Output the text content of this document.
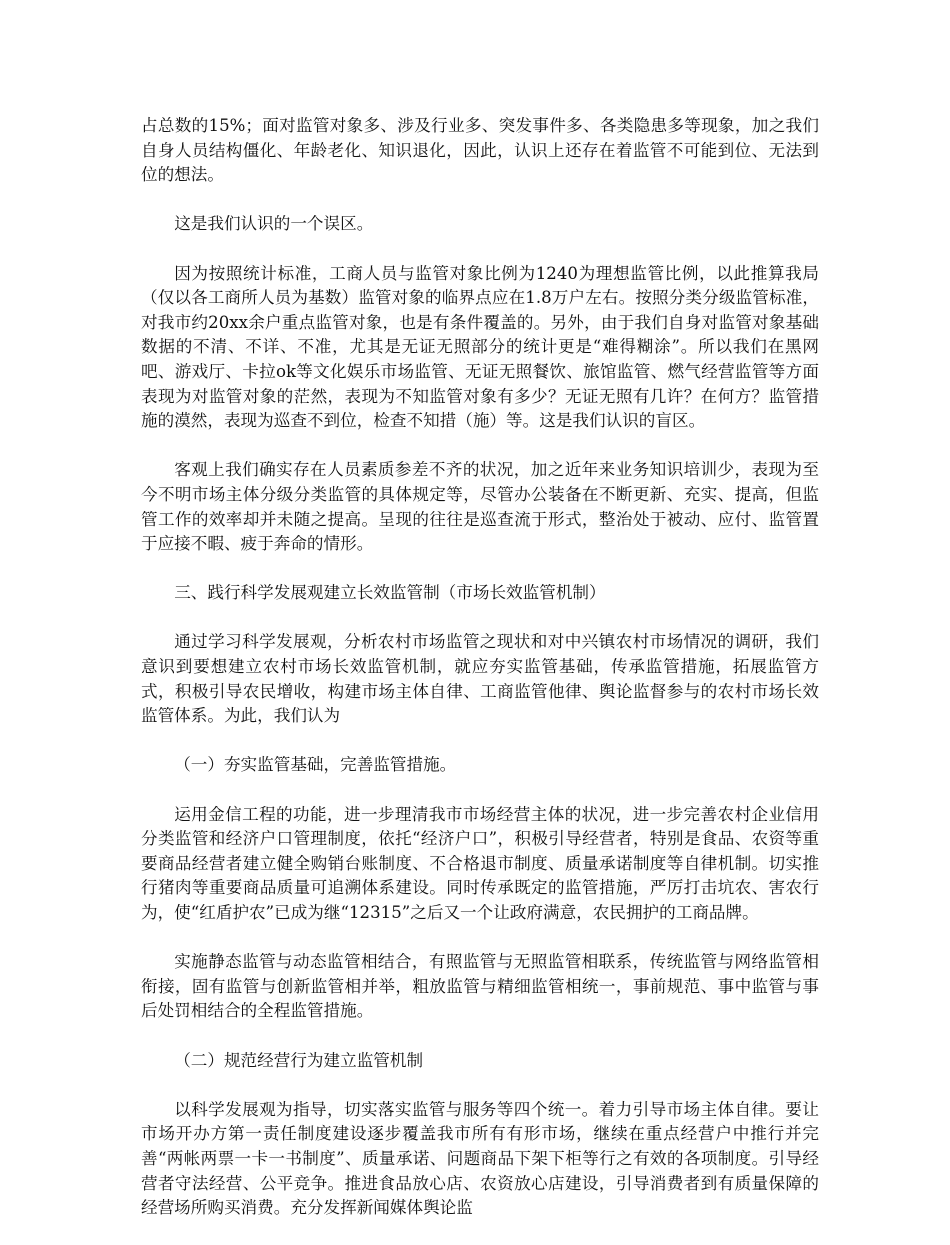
占总数的15%；面对监管对象多、涉及行业多、突发事件多、各类隐患多等现象，加之我们自身人员结构僵化、年龄老化、知识退化，因此，认识上还存在着监管不可能到位、无法到位的想法。

这是我们认识的一个误区。

因为按照统计标准，工商人员与监管对象比例为1240为理想监管比例，以此推算我局（仅以各工商所人员为基数）监管对象的临界点应在1.8万户左右。按照分类分级监管标准，对我市约20xx余户重点监管对象，也是有条件覆盖的。另外，由于我们自身对监管对象基础数据的不清、不详、不准，尤其是无证无照部分的统计更是“难得糊涂”。所以我们在黑网吧、游戏厅、卡拉ok等文化娱乐市场监管、无证无照餐饮、旅馆监管、燃气经营监管等方面表现为对监管对象的茫然，表现为不知监管对象有多少？无证无照有几许？在何方？监管措施的漠然，表现为巡查不到位，检查不知措（施）等。这是我们认识的盲区。

客观上我们确实存在人员素质参差不齐的状况，加之近年来业务知识培训少，表现为至今不明市场主体分级分类监管的具体规定等，尽管办公装备在不断更新、充实、提高，但监管工作的效率却并未随之提高。呈现的往往是巡查流于形式，整治处于被动、应付、监管置于应接不暇、疲于奔命的情形。

三、践行科学发展观建立长效监管制（市场长效监管机制）

通过学习科学发展观，分析农村市场监管之现状和对中兴镇农村市场情况的调研，我们意识到要想建立农村市场长效监管机制，就应夯实监管基础，传承监管措施，拓展监管方式，积极引导农民增收，构建市场主体自律、工商监管他律、舆论监督参与的农村市场长效监管体系。为此，我们认为

（一）夯实监管基础，完善监管措施。

运用金信工程的功能，进一步理清我市市场经营主体的状况，进一步完善农村企业信用分类监管和经济户口管理制度，依托“经济户口”，积极引导经营者，特别是食品、农资等重要商品经营者建立健全购销台账制度、不合格退市制度、质量承诺制度等自律机制。切实推行猪肉等重要商品质量可追溯体系建设。同时传承既定的监管措施，严厉打击坑农、害农行为，使“红盾护农”已成为继“12315”之后又一个让政府满意，农民拥护的工商品牌。

实施静态监管与动态监管相结合，有照监管与无照监管相联系，传统监管与网络监管相衔接，固有监管与创新监管相并举，粗放监管与精细监管相统一，事前规范、事中监管与事后处罚相结合的全程监管措施。

（二）规范经营行为建立监管机制

以科学发展观为指导，切实落实监管与服务等四个统一。着力引导市场主体自律。要让市场开办方第一责任制度建设逐步覆盖我市所有有形市场，继续在重点经营户中推行并完善“两帐两票一卡一书制度”、质量承诺、问题商品下架下柜等行之有效的各项制度。引导经营者守法经营、公平竞争。推进食品放心店、农资放心店建设，引导消费者到有质量保障的经营场所购买消费。充分发挥新闻媒体舆论监
